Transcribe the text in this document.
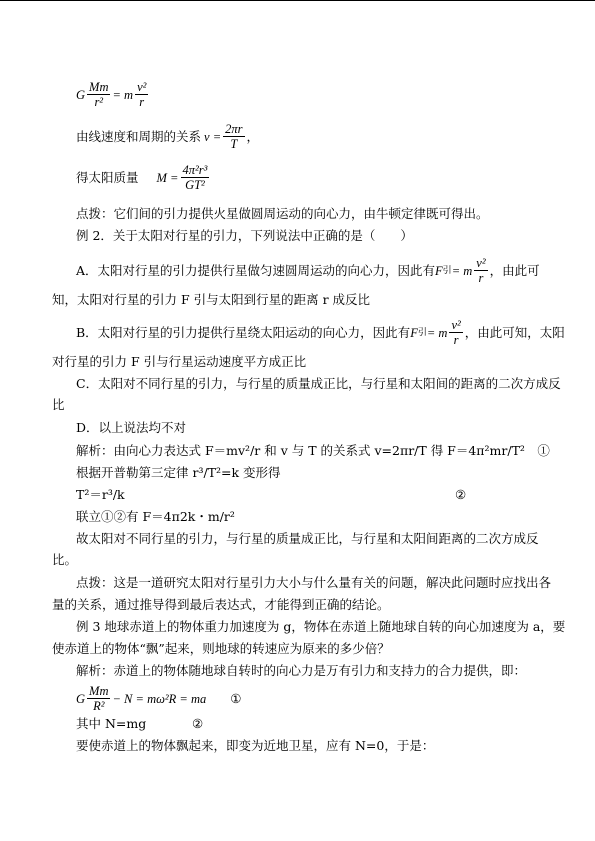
G $\frac{Mm}{\text{r²}} = m \frac{\text{v²}}{r}$
由线速度和周期的关系 $v = \frac{2\pi r}{T}$ ，
得太阳质量 $M = \frac{\text{4π²r³}}{\text{GT²}}$
点拨：它们间的引力提供火星做圆周运动的向心力，由牛顿定律既可得出。
例 2．关于太阳对行星的引力，下列说法中正确的是（　　）
A．太阳对行星的引力提供行星做匀速圆周运动的向心力，因此有 F 引 = m $\frac{\text{v²}}{r}$ ，由此可
知，太阳对行星的引力 F 引与太阳到行星的距离 r 成反比
B．太阳对行星的引力提供行星绕太阳运动的向心力，因此有 F 引 = m $\frac{\text{v²}}{r}$ ，由此可知，太阳
对行星的引力 F 引与行星运动速度平方成正比
C．太阳对不同行星的引力，与行星的质量成正比，与行星和太阳间的距离的二次方成反
比
D．以上说法均不对
解析：由向心力表达式 F＝mv²/r 和 v 与 T 的关系式 v=2πr/T 得 F＝4π²mr/T²　①
根据开普勒第三定律 r³/T²=k 变形得
T²＝r³/k	②
联立①②有 F＝4π2k・m/r²
故太阳对不同行星的引力，与行星的质量成正比，与行星和太阳间距离的二次方成反
比。
点拨：这是一道研究太阳对行星引力大小与什么量有关的问题，解决此问题时应找出各
量的关系，通过推导得到最后表达式，才能得到正确的结论。
例 3 地球赤道上的物体重力加速度为 g，物体在赤道上随地球自转的向心加速度为 a，要
使赤道上的物体“飘”起来，则地球的转速应为原来的多少倍？
解析：赤道上的物体随地球自转时的向心力是万有引力和支持力的合力提供，即：
G $\frac{Mm}{\text{R²}} - N = m\omega^2R$ = ma ①
其中 N=mg	②
要使赤道上的物体飘起来，即变为近地卫星，应有 N=0，于是：
